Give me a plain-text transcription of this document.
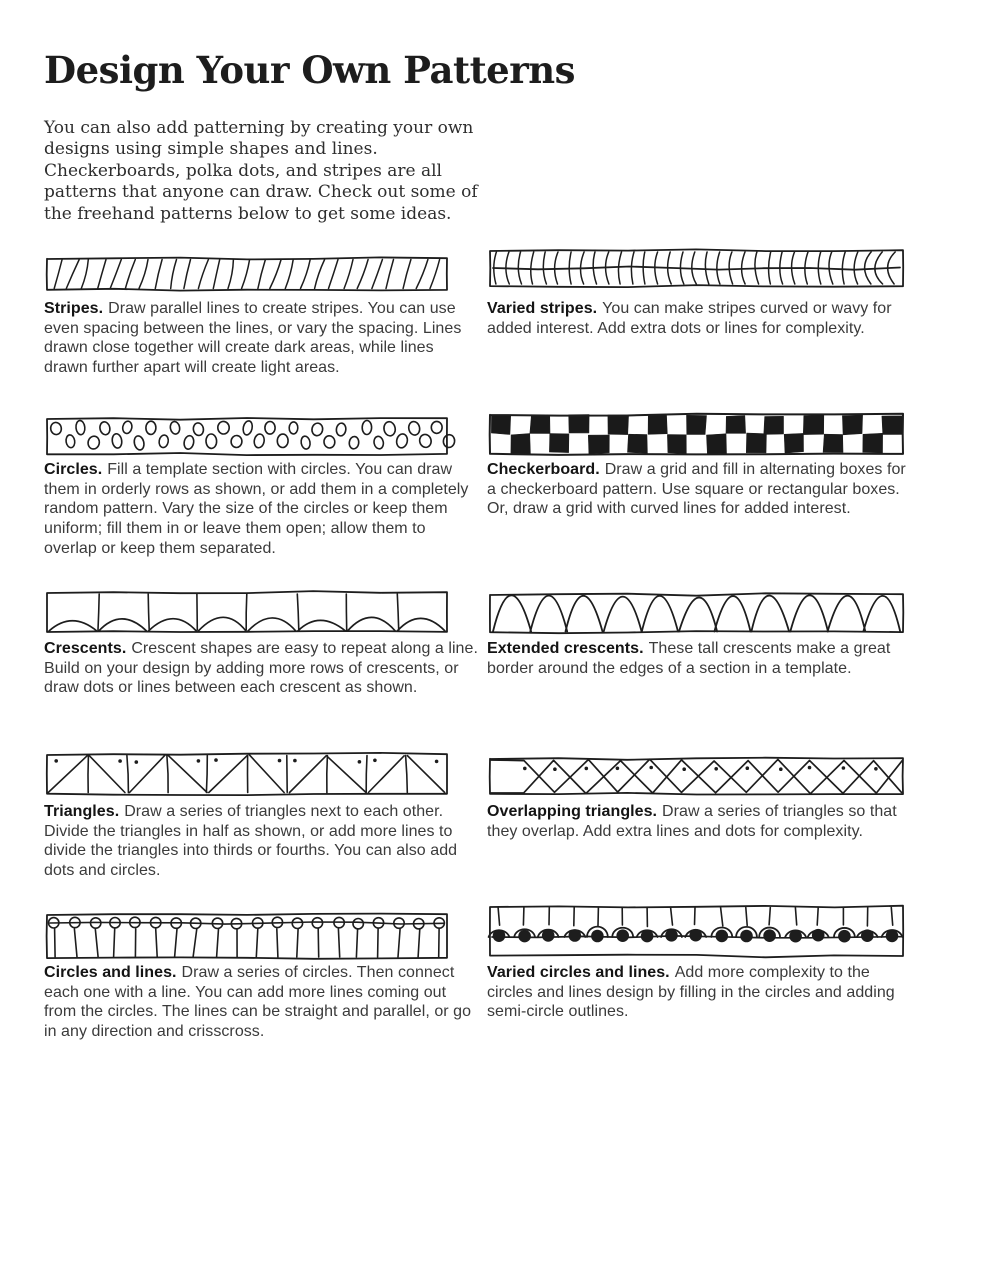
Design Your Own Patterns

You can also add patterning by creating your own designs using simple shapes and lines. Checkerboards, polka dots, and stripes are all patterns that anyone can draw. Check out some of the freehand patterns below to get some ideas.

Stripes. Draw parallel lines to create stripes. You can use even spacing between the lines, or vary the spacing. Lines drawn close together will create dark areas, while lines drawn further apart will create light areas.

Varied stripes. You can make stripes curved or wavy for added interest. Add extra dots or lines for complexity.

Circles. Fill a template section with circles. You can draw them in orderly rows as shown, or add them in a completely random pattern. Vary the size of the circles or keep them uniform; fill them in or leave them open; allow them to overlap or keep them separated.

Checkerboard. Draw a grid and fill in alternating boxes for a checkerboard pattern. Use square or rectangular boxes. Or, draw a grid with curved lines for added interest.

Crescents. Crescent shapes are easy to repeat along a line. Build on your design by adding more rows of crescents, or draw dots or lines between each crescent as shown.

Extended crescents. These tall crescents make a great border around the edges of a section in a template.

Triangles. Draw a series of triangles next to each other. Divide the triangles in half as shown, or add more lines to divide the triangles into thirds or fourths. You can also add dots and circles.

Overlapping triangles. Draw a series of triangles so that they overlap. Add extra lines and dots for complexity.

Circles and lines. Draw a series of circles. Then connect each one with a line. You can add more lines coming out from the circles. The lines can be straight and parallel, or go in any direction and crisscross.

Varied circles and lines. Add more complexity to the circles and lines design by filling in the circles and adding semi-circle outlines.
